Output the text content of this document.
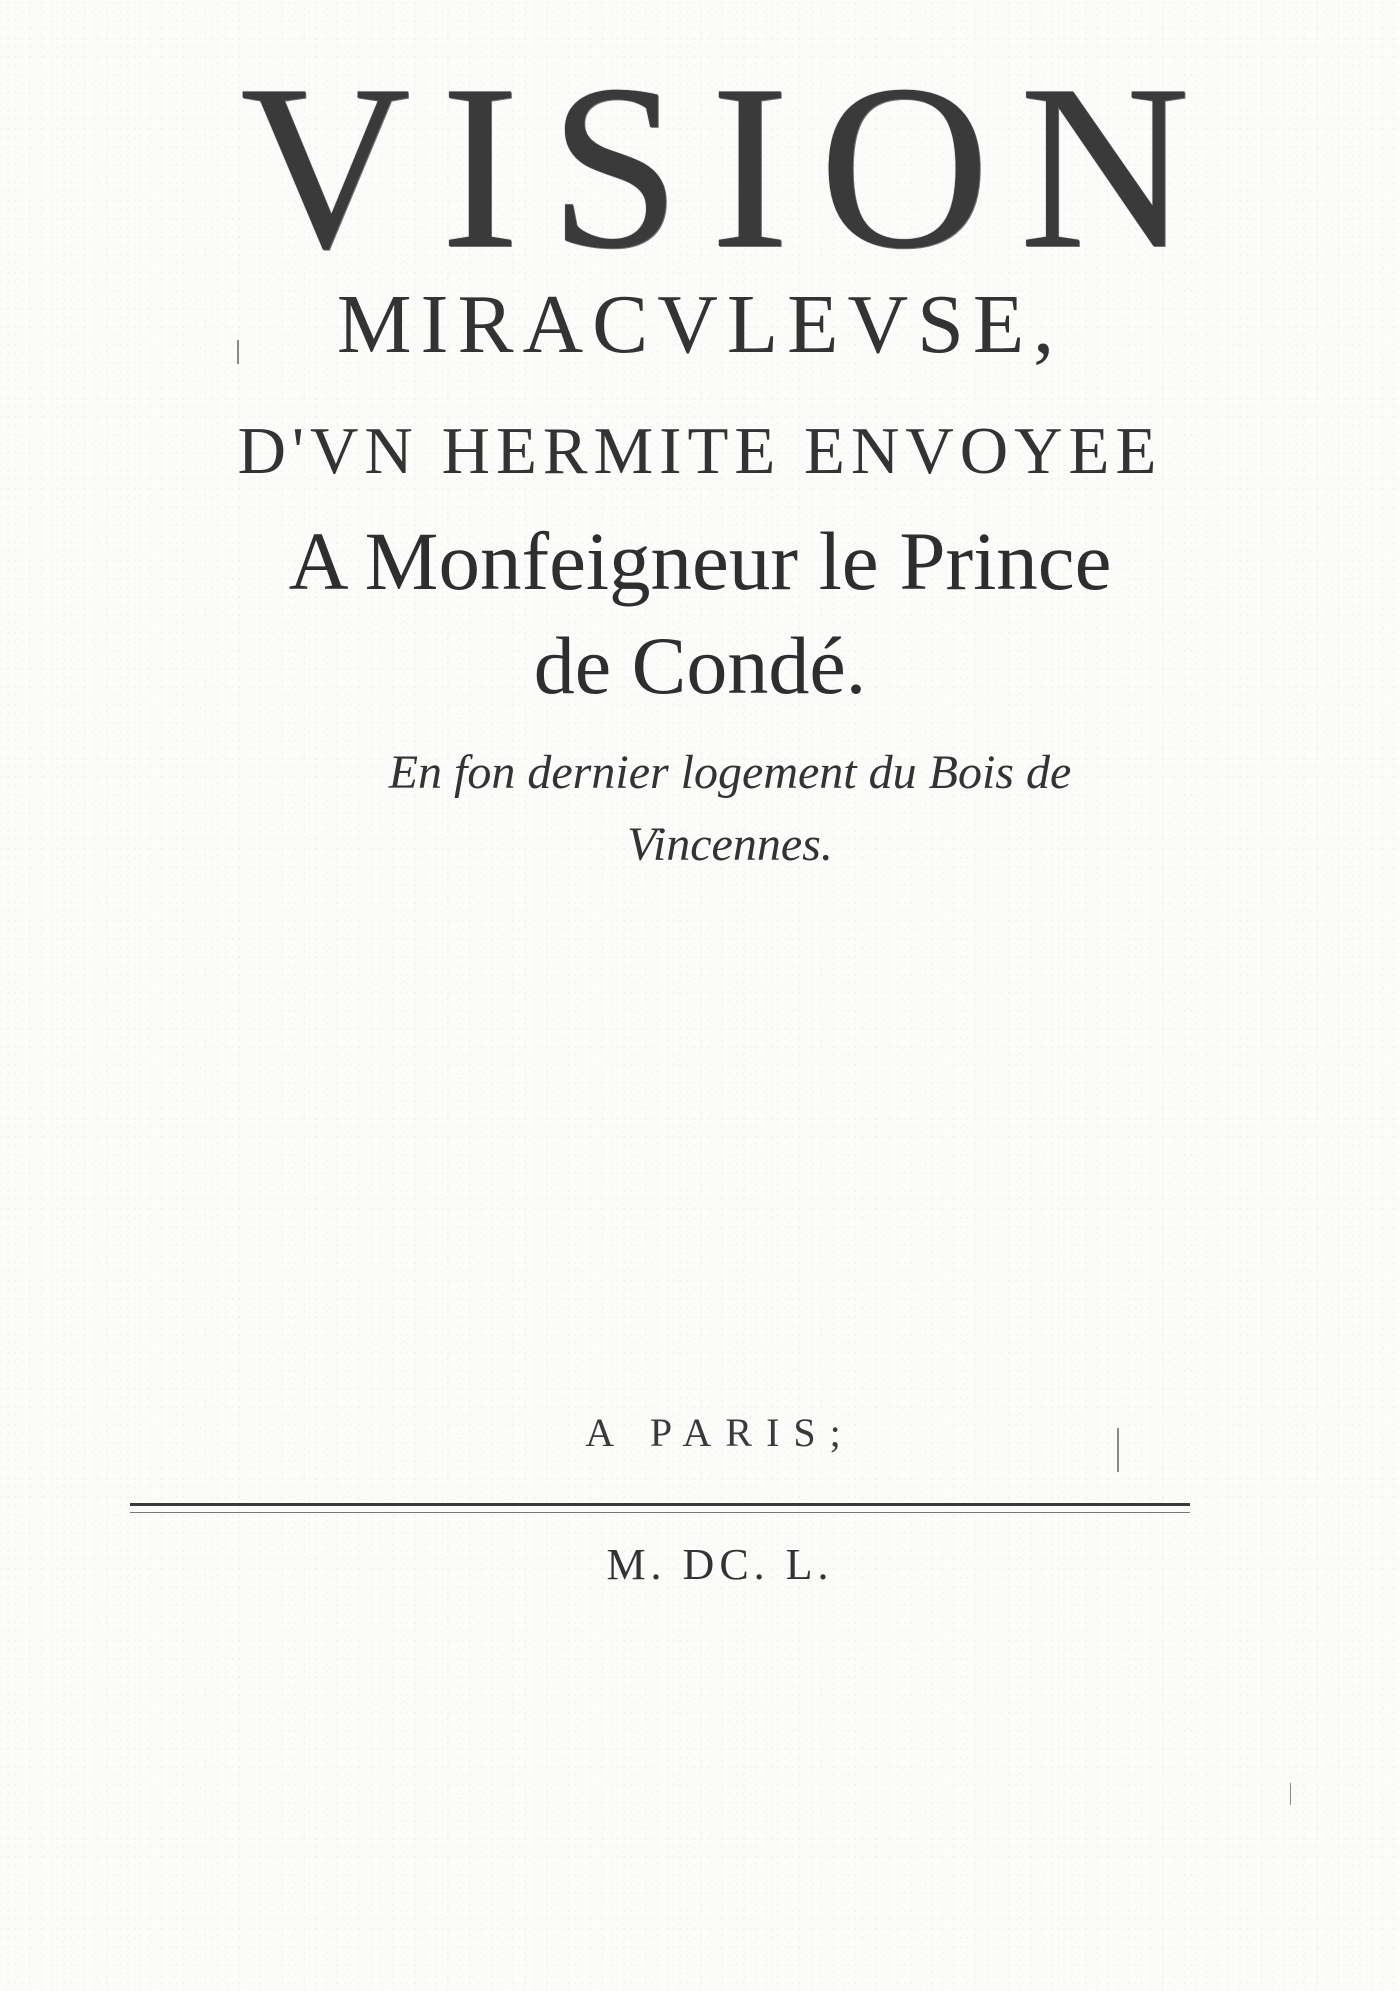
VISION

MIRACVLEVSE,

D'VN HERMITE ENVOYEE

A Monfeigneur le Prince

de Condé.

En fon dernier logement du Bois de

Vincennes.

A PARIS;

M. DC. L.
